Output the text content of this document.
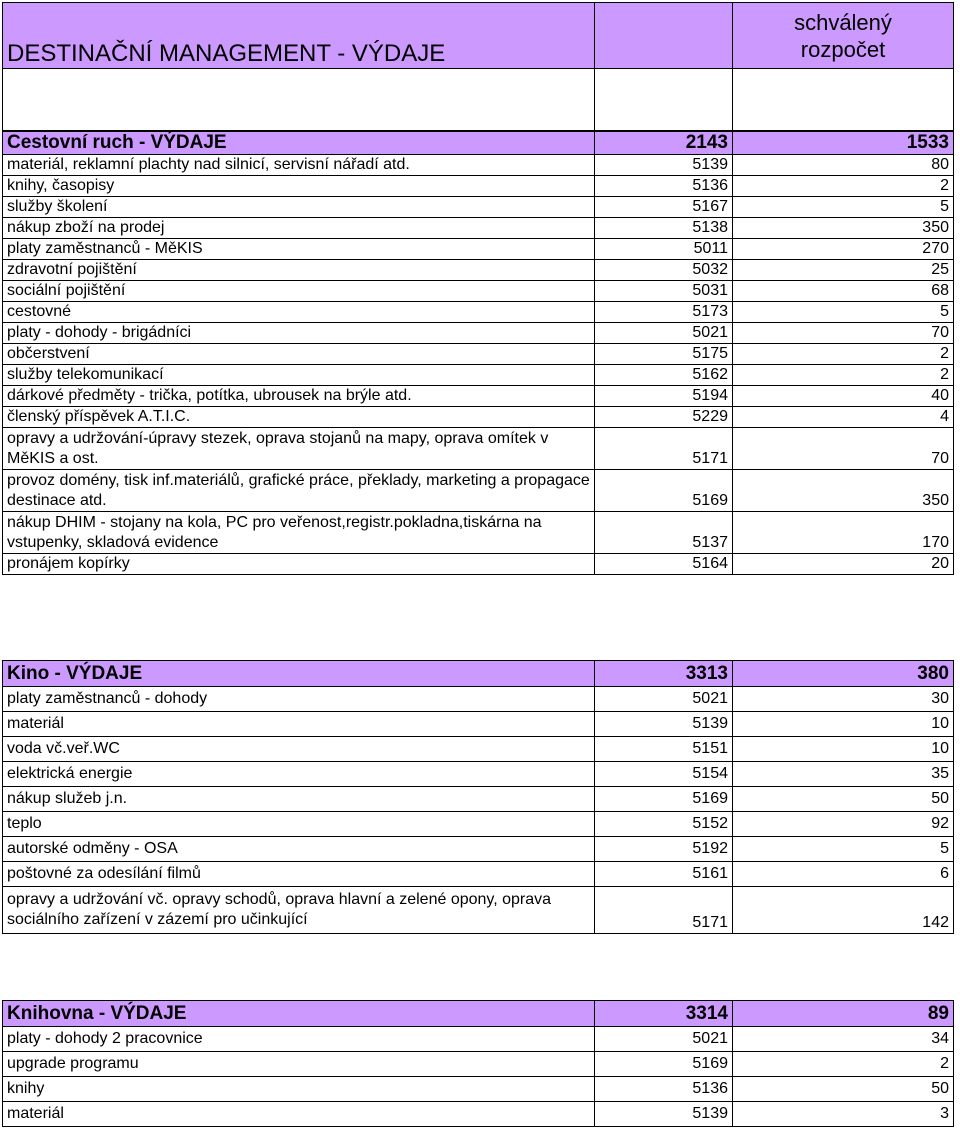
DESTINAČNÍ MANAGEMENT - VÝDAJE		schválený
rozpočet

Cestovní ruch - VÝDAJE	2143	1533
materiál, reklamní plachty nad silnicí, servisní nářadí atd.	5139	80
knihy, časopisy	5136	2
služby školení	5167	5
nákup zboží na prodej	5138	350
platy zaměstnanců - MěKIS	5011	270
zdravotní pojištění	5032	25
sociální pojištění	5031	68
cestovné	5173	5
platy - dohody - brigádníci	5021	70
občerstvení	5175	2
služby telekomunikací	5162	2
dárkové předměty - trička, potítka, ubrousek na brýle atd.	5194	40
členský příspěvek A.T.I.C.	5229	4
opravy a udržování-úpravy stezek, oprava stojanů na mapy, oprava omítek v MěKIS a ost.	5171	70
provoz domény, tisk inf.materiálů, grafické práce, překlady, marketing a propagace destinace atd.	5169	350
nákup DHIM - stojany na kola, PC pro veřenost,registr.pokladna,tiskárna na vstupenky, skladová evidence	5137	170
pronájem kopírky	5164	20
Kino - VÝDAJE	3313	380
platy zaměstnanců - dohody	5021	30
materiál	5139	10
voda vč.veř.WC	5151	10
elektrická energie	5154	35
nákup služeb j.n.	5169	50
teplo	5152	92
autorské odměny - OSA	5192	5
poštovné za odesílání filmů	5161	6
opravy a udržování vč. opravy schodů, oprava hlavní a zelené opony, oprava sociálního zařízení v zázemí pro učinkující	5171	142
Knihovna - VÝDAJE	3314	89
platy - dohody 2 pracovnice	5021	34
upgrade programu	5169	2
knihy	5136	50
materiál	5139	3
